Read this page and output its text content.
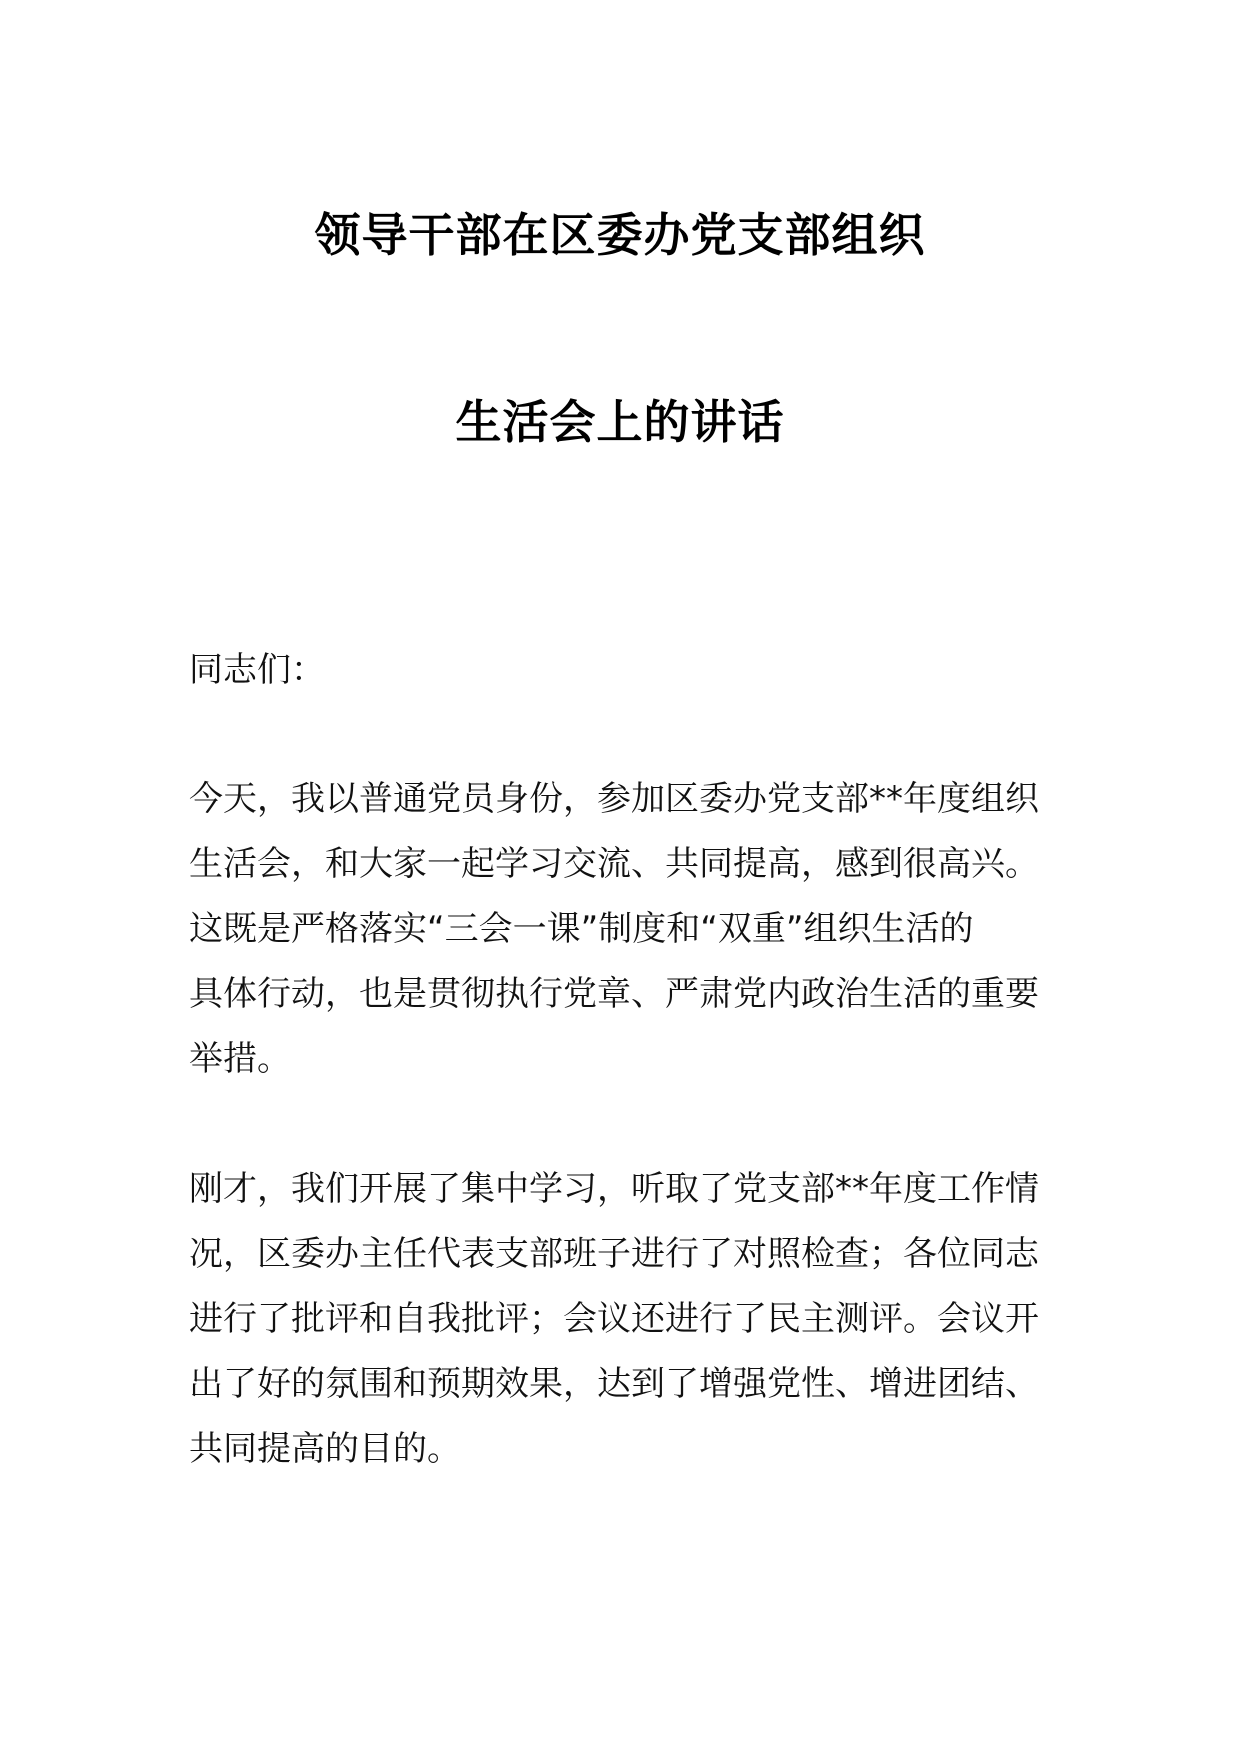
领导干部在区委办党支部组织
生活会上的讲话
同志们：
今天，我以普通党员身份，参加区委办党支部**年度组织
生活会，和大家一起学习交流、共同提高，感到很高兴。
这既是严格落实“三会一课”制度和“双重”组织生活的
具体行动，也是贯彻执行党章、严肃党内政治生活的重要
举措。
刚才，我们开展了集中学习，听取了党支部**年度工作情
况，区委办主任代表支部班子进行了对照检查；各位同志
进行了批评和自我批评；会议还进行了民主测评。会议开
出了好的氛围和预期效果，达到了增强党性、增进团结、
共同提高的目的。
